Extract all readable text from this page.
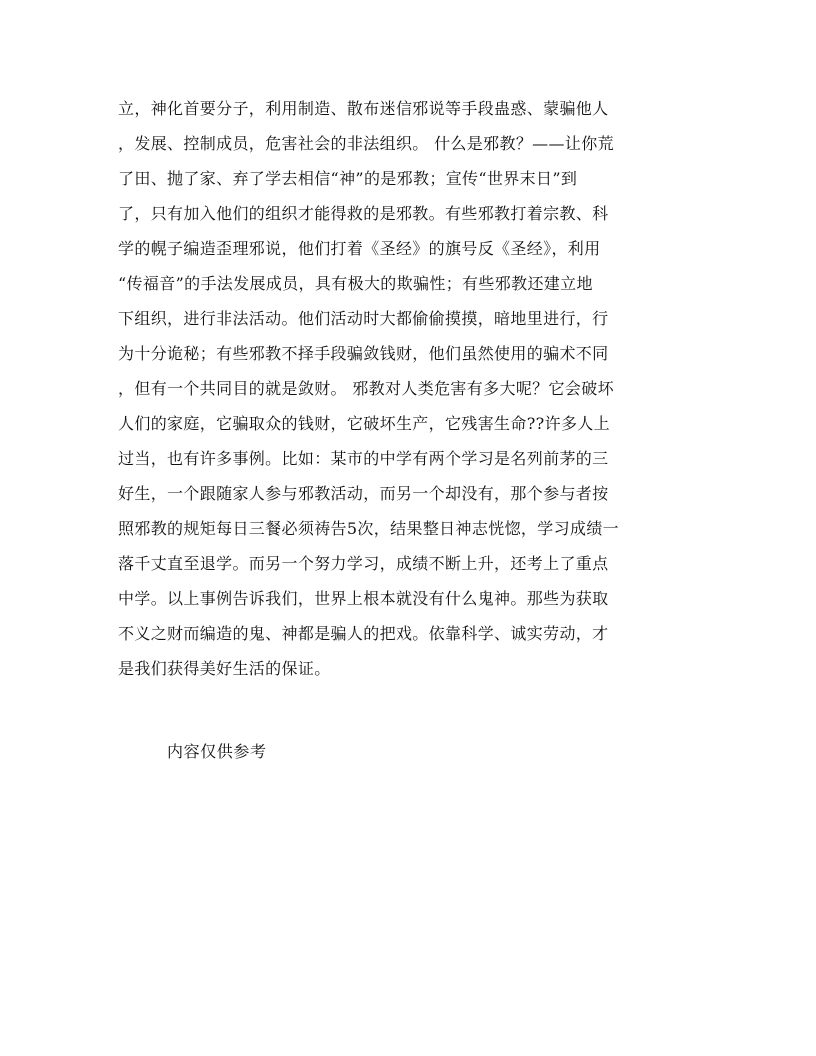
立，神化首要分子，利用制造、散布迷信邪说等手段蛊惑、蒙骗他人
，发展、控制成员，危害社会的非法组织。 什么是邪教？——让你荒
了田、抛了家、弃了学去相信“神”的是邪教；宣传“世界末日”到
了，只有加入他们的组织才能得救的是邪教。有些邪教打着宗教、科
学的幌子编造歪理邪说，他们打着《圣经》的旗号反《圣经》，利用
“传福音”的手法发展成员，具有极大的欺骗性；有些邪教还建立地
下组织，进行非法活动。他们活动时大都偷偷摸摸，暗地里进行，行
为十分诡秘；有些邪教不择手段骗敛钱财，他们虽然使用的骗术不同
，但有一个共同目的就是敛财。 邪教对人类危害有多大呢？它会破坏
人们的家庭，它骗取众的钱财，它破坏生产，它残害生命??许多人上
过当，也有许多事例。比如：某市的中学有两个学习是名列前茅的三
好生，一个跟随家人参与邪教活动，而另一个却没有，那个参与者按
照邪教的规矩每日三餐必须祷告5次，结果整日神志恍惚，学习成绩一
落千丈直至退学。而另一个努力学习，成绩不断上升，还考上了重点
中学。以上事例告诉我们，世界上根本就没有什么鬼神。那些为获取
不义之财而编造的鬼、神都是骗人的把戏。依靠科学、诚实劳动，才
是我们获得美好生活的保证。
内容仅供参考
